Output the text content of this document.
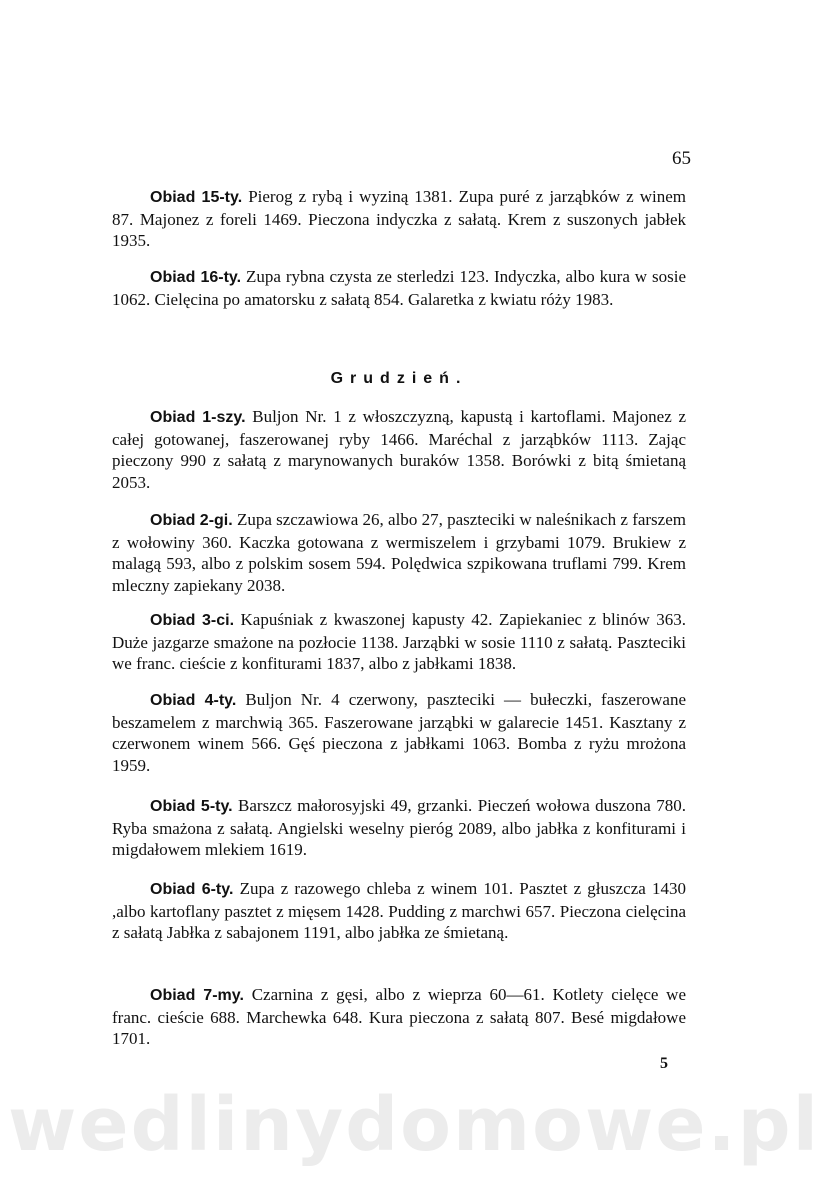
65

Obiad 15-ty. Pierog z rybą i wyziną 1381. Zupa puré z jarząbków z winem 87. Majonez z foreli 1469. Pieczona indyczka z sałatą. Krem z suszonych jabłek 1935.

Obiad 16-ty. Zupa rybna czysta ze sterledzi 123. Indyczka, albo kura w sosie 1062. Cielęcina po amatorsku z sałatą 854. Galaretka z kwiatu róży 1983.

Grudzień.

Obiad 1-szy. Buljon Nr. 1 z włoszczyzną, kapustą i kartoflami. Majonez z całej gotowanej, faszerowanej ryby 1466. Maréchal z jarząbków 1113. Zając pieczony 990 z sałatą z marynowanych buraków 1358. Borówki z bitą śmietaną 2053.

Obiad 2-gi. Zupa szczawiowa 26, albo 27, paszteciki w naleśnikach z farszem z wołowiny 360. Kaczka gotowana z wermiszelem i grzybami 1079. Brukiew z malagą 593, albo z polskim sosem 594. Polędwica szpikowana truflami 799. Krem mleczny zapiekany 2038.

Obiad 3-ci. Kapuśniak z kwaszonej kapusty 42. Zapiekaniec z blinów 363. Duże jazgarze smażone na pozłocie 1138. Jarząbki w sosie 1110 z sałatą. Paszteciki we franc. cieście z konfiturami 1837, albo z jabłkami 1838.

Obiad 4-ty. Buljon Nr. 4 czerwony, paszteciki — bułeczki, faszerowane beszamelem z marchwią 365. Faszerowane jarząbki w galarecie 1451. Kasztany z czerwonem winem 566. Gęś pieczona z jabłkami 1063. Bomba z ryżu mrożona 1959.

Obiad 5-ty. Barszcz małorosyjski 49, grzanki. Pieczeń wołowa duszona 780. Ryba smażona z sałatą. Angielski weselny pieróg 2089, albo jabłka z konfiturami i migdałowem mlekiem 1619.

Obiad 6-ty. Zupa z razowego chleba z winem 101. Pasztet z głuszcza 1430 ,albo kartoflany pasztet z mięsem 1428. Pudding z marchwi 657. Pieczona cielęcina z sałatą Jabłka z sabajonem 1191, albo jabłka ze śmietaną.

Obiad 7-my. Czarnina z gęsi, albo z wieprza 60—61. Kotlety cielęce we franc. cieście 688. Marchewka 648. Kura pieczona z sałatą 807. Besé migdałowe 1701.

5
wedlinydomowe.pl
